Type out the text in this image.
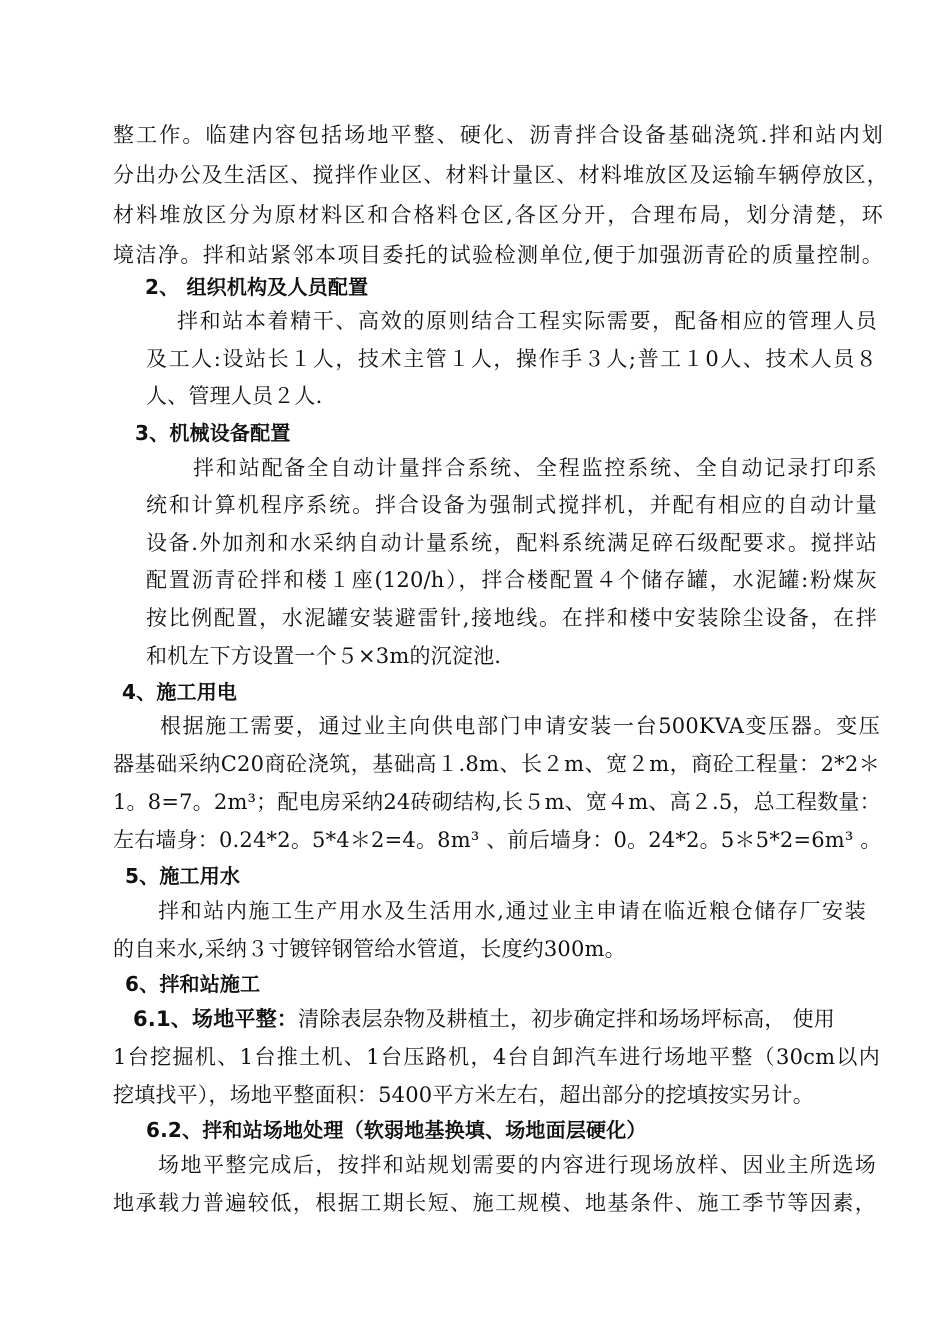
整工作。临建内容包括场地平整、硬化、沥青拌合设备基础浇筑.拌和站内划
分出办公及生活区、搅拌作业区、材料计量区、材料堆放区及运输车辆停放区，
材料堆放区分为原材料区和合格料仓区,各区分开，合理布局，划分清楚，环
境洁净。拌和站紧邻本项目委托的试验检测单位,便于加强沥青砼的质量控制。
2、 组织机构及人员配置
拌和站本着精干、高效的原则结合工程实际需要，配备相应的管理人员
及工人:设站长１人，技术主管１人，操作手３人;普工１0人、技术人员８
人、管理人员２人.
3、机械设备配置
拌和站配备全自动计量拌合系统、全程监控系统、全自动记录打印系
统和计算机程序系统。拌合设备为强制式搅拌机，并配有相应的自动计量
设备.外加剂和水采纳自动计量系统，配料系统满足碎石级配要求。搅拌站
配置沥青砼拌和楼１座(120/h），拌合楼配置４个储存罐，水泥罐:粉煤灰
按比例配置，水泥罐安装避雷针,接地线。在拌和楼中安装除尘设备，在拌
和机左下方设置一个５×3m的沉淀池.
4、施工用电
根据施工需要，通过业主向供电部门申请安装一台500KVA变压器。变压
器基础采纳C20商砼浇筑，基础高１.8m、长２m、宽２m，商砼工程量：2*2＊
1。8=7。2m³；配电房采纳24砖砌结构,长５m、宽４m、高２.5，总工程数量：
左右墙身：0.24*2。5*4＊2=4。8m³ 、前后墙身：0。24*2。5＊5*2=6m³ 。
5、施工用水
拌和站内施工生产用水及生活用水,通过业主申请在临近粮仓储存厂安装
的自来水,采纳３寸镀锌钢管给水管道，长度约300m。
6、拌和站施工
6.1、场地平整：清除表层杂物及耕植土，初步确定拌和场场坪标高， 使用
1台挖掘机、1台推土机、1台压路机，4台自卸汽车进行场地平整（30cm以内
挖填找平），场地平整面积：5400平方米左右，超出部分的挖填按实另计。
6.2、拌和站场地处理（软弱地基换填、场地面层硬化）
场地平整完成后，按拌和站规划需要的内容进行现场放样、因业主所选场
地承载力普遍较低，根据工期长短、施工规模、地基条件、施工季节等因素，
